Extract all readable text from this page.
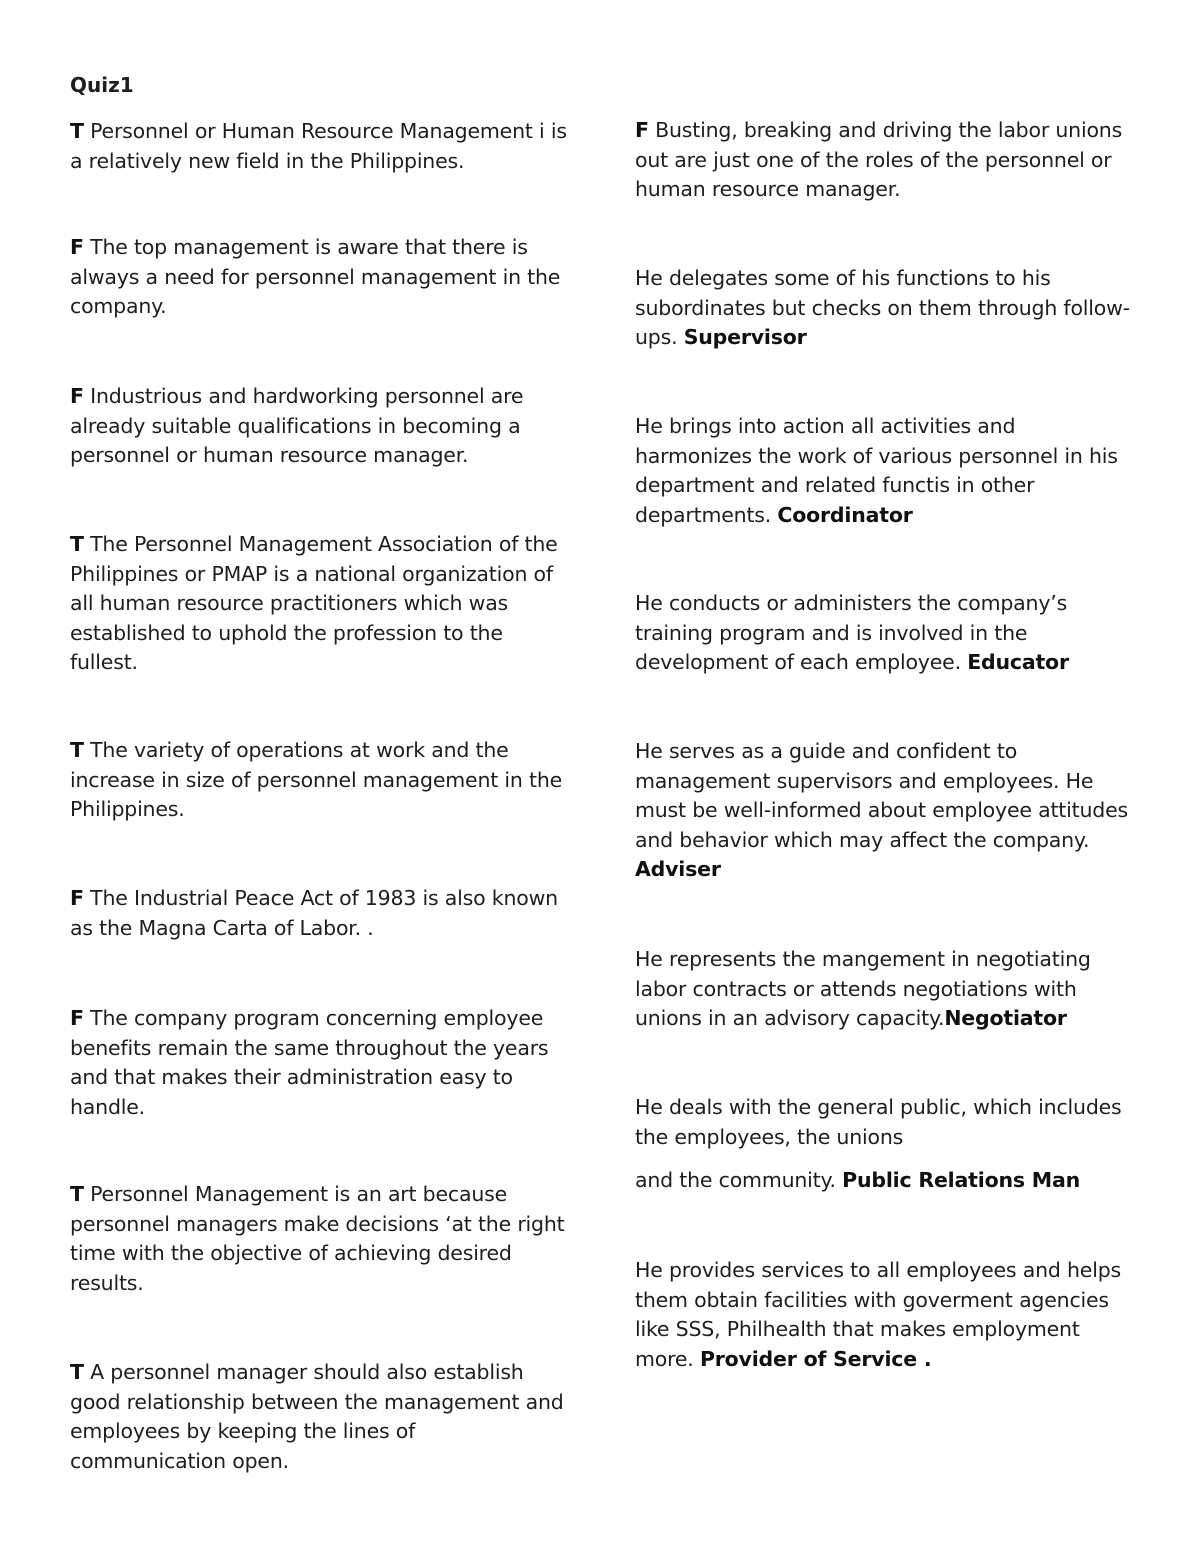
Quiz1

T Personnel or Human Resource Management i is a relatively new field in the Philippines.

F The top management is aware that there is always a need for personnel management in the company.

F Industrious and hardworking personnel are already suitable qualifications in becoming a personnel or human resource manager.

T The Personnel Management Association of the Philippines or PMAP is a national organization of all human resource practitioners which was established to uphold the profession to the fullest.

T The variety of operations at work and the increase in size of personnel management in the Philippines.

F The Industrial Peace Act of 1983 is also known as the Magna Carta of Labor. .

F The company program concerning employee benefits remain the same throughout the years and that makes their administration easy to handle.

T Personnel Management is an art because personnel managers make decisions ‘at the right time with the objective of achieving desired results.

T A personnel manager should also establish good relationship between the management and employees by keeping the lines of communication open.

F Busting, breaking and driving the labor unions out are just one of the roles of the personnel or human resource manager.

He delegates some of his functions to his subordinates but checks on them through follow-ups. Supervisor

He brings into action all activities and harmonizes the work of various personnel in his department and related functis in other departments. Coordinator

He conducts or administers the company’s training program and is involved in the development of each employee. Educator

He serves as a guide and confident to management supervisors and employees. He must be well-informed about employee attitudes and behavior which may affect the company. Adviser

He represents the mangement in negotiating labor contracts or attends negotiations with unions in an advisory capacity.Negotiator

He deals with the general public, which includes the employees, the unions

and the community. Public Relations Man

He provides services to all employees and helps them obtain facilities with goverment agencies like SSS, Philhealth that makes employment more. Provider of Service .
